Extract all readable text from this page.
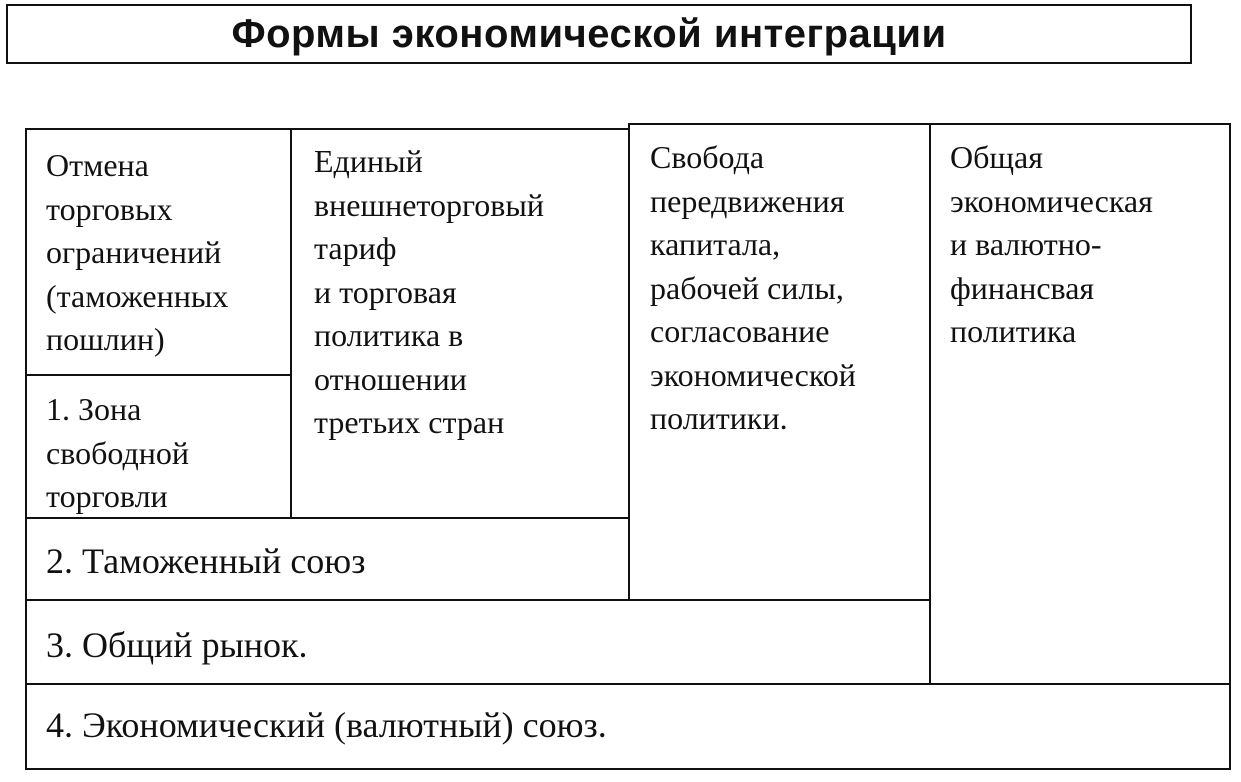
Формы экономической интеграции
Отмена
торговых
ограничений
(таможенных
пошлин)
1. Зона
свободной
торговли
Единый
внешнеторговый
тариф
и торговая
политика в
отношении
третьих стран
Свобода
передвижения
капитала,
рабочей силы,
согласование
экономической
политики.
Общая
экономическая
и валютно-
финансвая
политика
2. Таможенный союз
3. Общий рынок.
4. Экономический (валютный) союз.
